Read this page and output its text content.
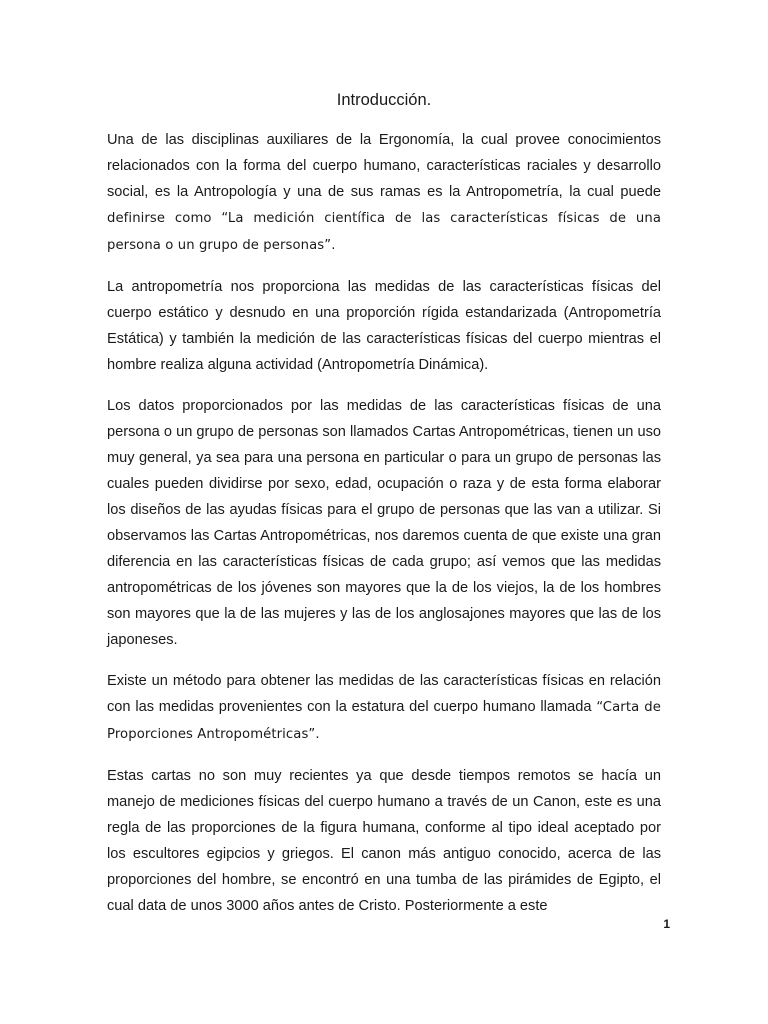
Introducción.

Una de las disciplinas auxiliares de la Ergonomía, la cual provee conocimientos relacionados con la forma del cuerpo humano, características raciales y desarrollo social, es la Antropología y una de sus ramas es la Antropometría, la cual puede definirse como “La medición científica de las características físicas de una persona o un grupo de personas”.

La antropometría nos proporciona las medidas de las características físicas del cuerpo estático y desnudo en una proporción rígida estandarizada (Antropometría Estática) y también la medición de las características físicas del cuerpo mientras el hombre realiza alguna actividad (Antropometría Dinámica).

Los datos proporcionados por las medidas de las características físicas de una persona o un grupo de personas son llamados Cartas Antropométricas, tienen un uso muy general, ya sea para una persona en particular o para un grupo de personas las cuales pueden dividirse por sexo, edad, ocupación o raza y de esta forma elaborar los diseños de las ayudas físicas para el grupo de personas que las van a utilizar. Si observamos las Cartas Antropométricas, nos daremos cuenta de que existe una gran diferencia en las características físicas de cada grupo; así vemos que las medidas antropométricas de los jóvenes son mayores que la de los viejos, la de los hombres son mayores que la de las mujeres y las de los anglosajones mayores que las de los japoneses.

Existe un método para obtener las medidas de las características físicas en relación con las medidas provenientes con la estatura del cuerpo humano llamada “Carta de Proporciones Antropométricas”.

Estas cartas no son muy recientes ya que desde tiempos remotos se hacía un manejo de mediciones físicas del cuerpo humano a través de un Canon, este es una regla de las proporciones de la figura humana, conforme al tipo ideal aceptado por los escultores egipcios y griegos. El canon más antiguo conocido, acerca de las proporciones del hombre, se encontró en una tumba de las pirámides de Egipto, el cual data de unos 3000 años antes de Cristo. Posteriormente a este

1
